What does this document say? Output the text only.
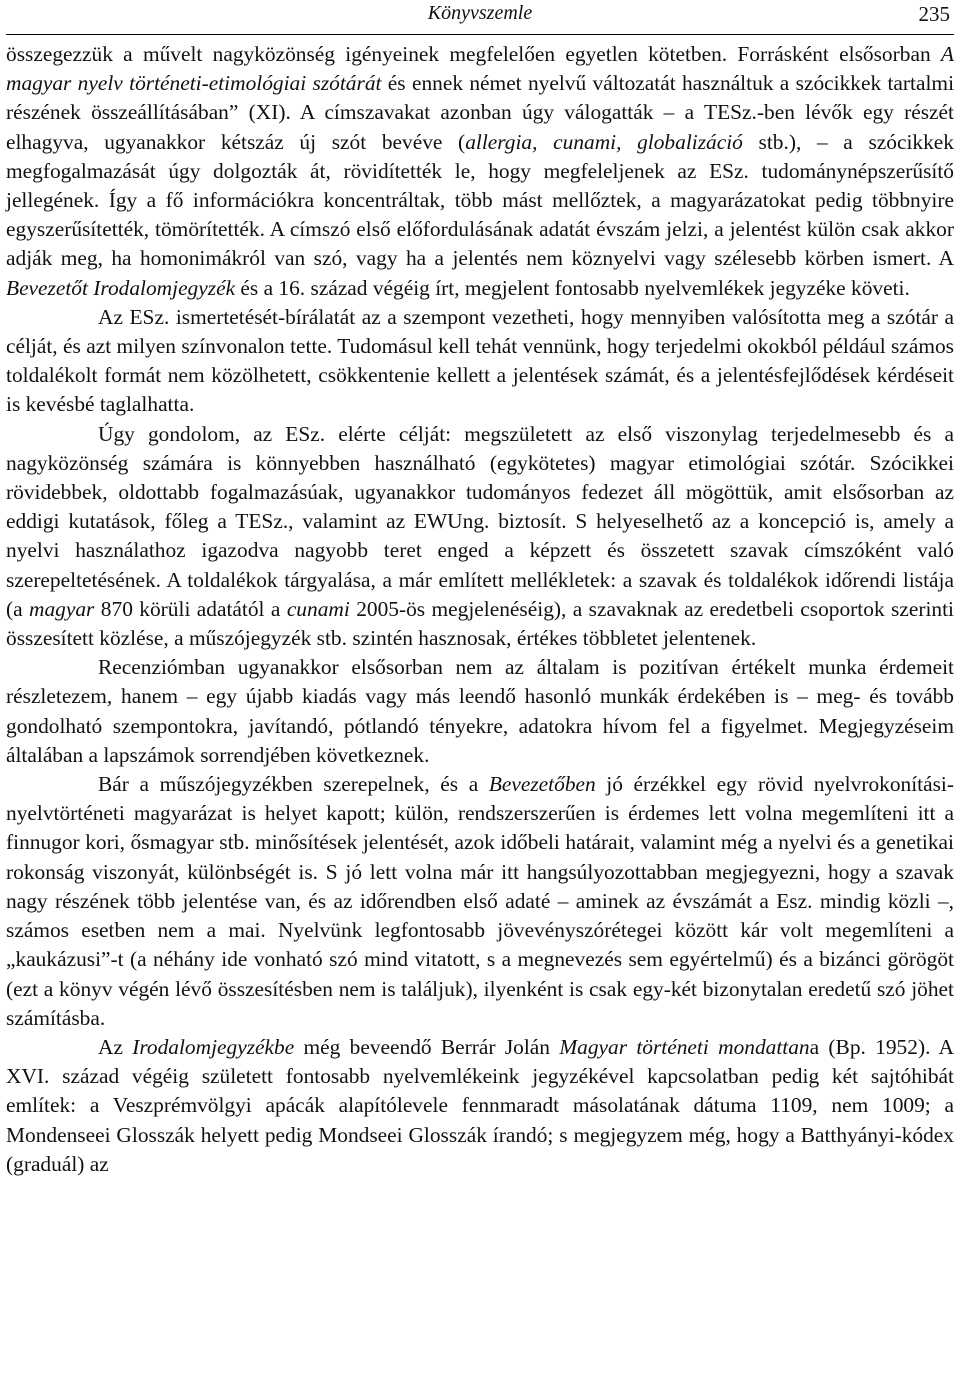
Könyvszemle	235

összegezzük a művelt nagyközönség igényeinek megfelelően egyetlen kötetben. Forrásként elsősorban A magyar nyelv történeti-etimológiai szótárát és ennek német nyelvű változatát használtuk a szócikkek tartalmi részének összeállításában” (XI). A címszavakat azonban úgy válogatták – a TESz.-ben lévők egy részét elhagyva, ugyanakkor kétszáz új szót bevéve (allergia, cunami, globalizáció stb.), – a szócikkek megfogalmazását úgy dolgozták át, rövidítették le, hogy megfeleljenek az ESz. tudománynépszerűsítő jellegének. Így a fő információkra koncentráltak, több mást mellőztek, a magyarázatokat pedig többnyire egyszerűsítették, tömörítették. A címszó első előfordulásának adatát évszám jelzi, a jelentést külön csak akkor adják meg, ha homonimákról van szó, vagy ha a jelentés nem köznyelvi vagy szélesebb körben ismert. A Bevezetőt Irodalomjegyzék és a 16. század végéig írt, megjelent fontosabb nyelvemlékek jegyzéke követi.

Az ESz. ismertetését-bírálatát az a szempont vezetheti, hogy mennyiben valósította meg a szótár a célját, és azt milyen színvonalon tette. Tudomásul kell tehát vennünk, hogy terjedelmi okokból például számos toldalékolt formát nem közölhetett, csökkentenie kellett a jelentések számát, és a jelentésfejlődések kérdéseit is kevésbé taglalhatta.

Úgy gondolom, az ESz. elérte célját: megszületett az első viszonylag terjedelmesebb és a nagyközönség számára is könnyebben használható (egykötetes) magyar etimológiai szótár. Szócikkei rövidebbek, oldottabb fogalmazásúak, ugyanakkor tudományos fedezet áll mögöttük, amit elsősorban az eddigi kutatások, főleg a TESz., valamint az EWUng. biztosít. S helyeselhető az a koncepció is, amely a nyelvi használathoz igazodva nagyobb teret enged a képzett és összetett szavak címszóként való szerepeltetésének. A toldalékok tárgyalása, a már említett mellékletek: a szavak és toldalékok időrendi listája (a magyar 870 körüli adatától a cunami 2005-ös megjelenéséig), a szavaknak az eredetbeli csoportok szerinti összesített közlése, a műszójegyzék stb. szintén hasznosak, értékes többletet jelentenek.

Recenziómban ugyanakkor elsősorban nem az általam is pozitívan értékelt munka érdemeit részletezem, hanem – egy újabb kiadás vagy más leendő hasonló munkák érdekében is – meg- és tovább gondolható szempontokra, javítandó, pótlandó tényekre, adatokra hívom fel a figyelmet. Megjegyzéseim általában a lapszámok sorrendjében következnek.

Bár a műszójegyzékben szerepelnek, és a Bevezetőben jó érzékkel egy rövid nyelvrokonítási-nyelvtörténeti magyarázat is helyet kapott; külön, rendszerszerűen is érdemes lett volna megemlíteni itt a finnugor kori, ősmagyar stb. minősítések jelentését, azok időbeli határait, valamint még a nyelvi és a genetikai rokonság viszonyát, különbségét is. S jó lett volna már itt hangsúlyozottabban megjegyezni, hogy a szavak nagy részének több jelentése van, és az időrendben első adaté – aminek az évszámát a Esz. mindig közli –, számos esetben nem a mai. Nyelvünk legfontosabb jövevényszórétegei között kár volt megemlíteni a „kaukázusi”-t (a néhány ide vonható szó mind vitatott, s a megnevezés sem egyértelmű) és a bizánci görögöt (ezt a könyv végén lévő összesítésben nem is találjuk), ilyenként is csak egy-két bizonytalan eredetű szó jöhet számításba.

Az Irodalomjegyzékbe még beveendő Berrár Jolán Magyar történeti mondattana (Bp. 1952). A XVI. század végéig született fontosabb nyelvemlékeink jegyzékével kapcsolatban pedig két sajtóhibát említek: a Veszprémvölgyi apácák alapítólevele fennmaradt másolatának dátuma 1109, nem 1009; a Mondenseei Glosszák helyett pedig Mondseei Glosszák írandó; s megjegyzem még, hogy a Batthyányi-kódex (graduál) az
